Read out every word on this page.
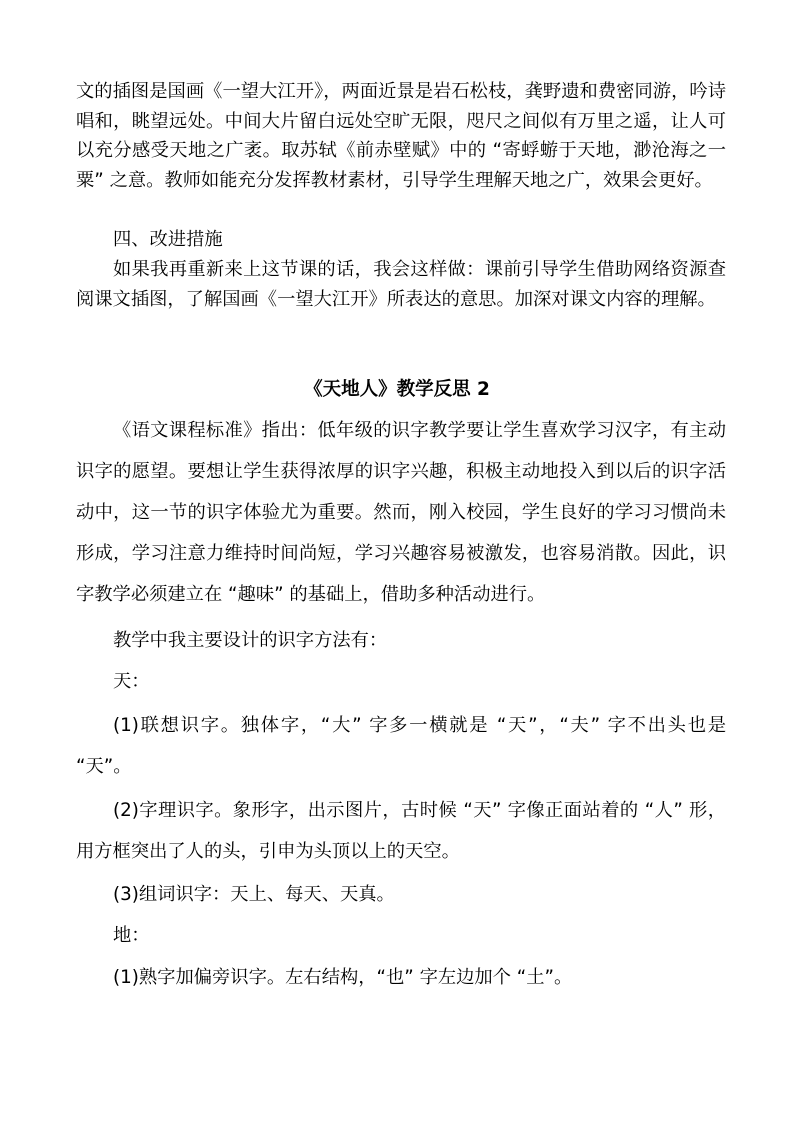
文的插图是国画《一望大江开》，两面近景是岩石松枝，龚野遗和费密同游，吟诗唱和，眺望远处。中间大片留白远处空旷无限，咫尺之间似有万里之遥，让人可以充分感受天地之广袤。取苏轼《前赤壁赋》中的 “寄蜉蝣于天地，渺沧海之一粟” 之意。教师如能充分发挥教材素材，引导学生理解天地之广，效果会更好。

四、改进措施

如果我再重新来上这节课的话，我会这样做：课前引导学生借助网络资源查阅课文插图，了解国画《一望大江开》所表达的意思。加深对课文内容的理解。

《天地人》教学反思 2

《语文课程标准》指出：低年级的识字教学要让学生喜欢学习汉字，有主动识字的愿望。要想让学生获得浓厚的识字兴趣，积极主动地投入到以后的识字活动中，这一节的识字体验尤为重要。然而，刚入校园，学生良好的学习习惯尚未形成，学习注意力维持时间尚短，学习兴趣容易被激发，也容易消散。因此，识字教学必须建立在 “趣味” 的基础上，借助多种活动进行。

教学中我主要设计的识字方法有：

天：

(1)联想识字。独体字，“大” 字多一横就是 “天”，“夫” 字不出头也是 “天”。

(2)字理识字。象形字，出示图片，古时候 “天” 字像正面站着的 “人” 形，用方框突出了人的头，引申为头顶以上的天空。

(3)组词识字：天上、每天、天真。

地：

(1)熟字加偏旁识字。左右结构，“也” 字左边加个 “土”。
